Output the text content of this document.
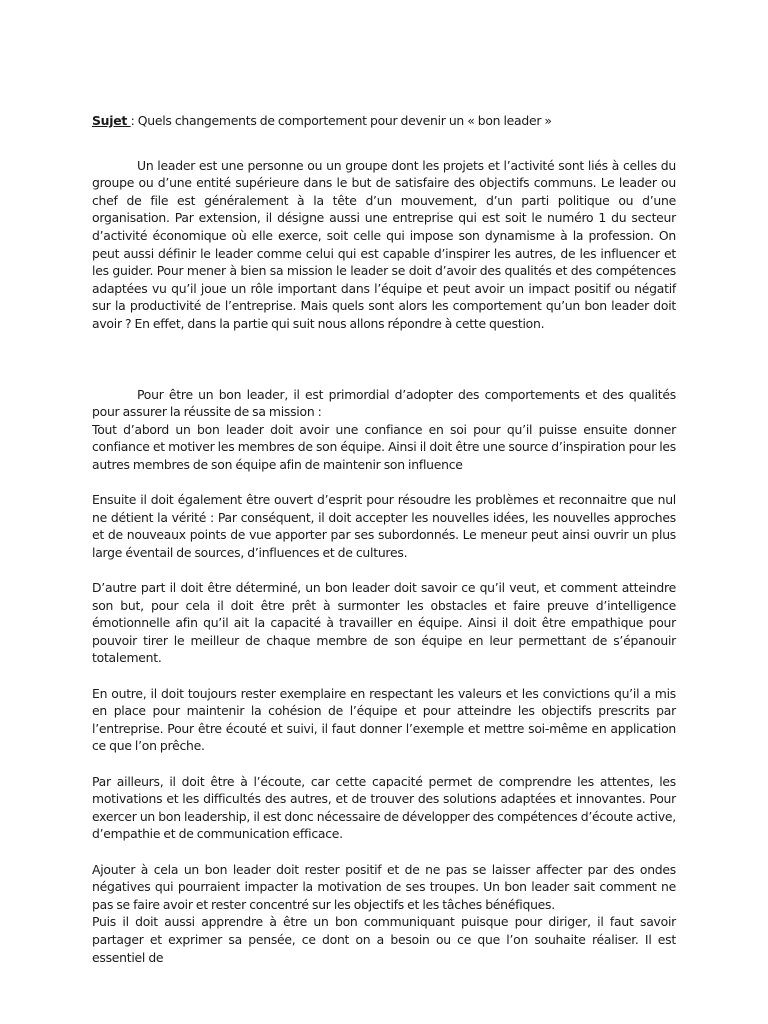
Sujet : Quels changements de comportement pour devenir un « bon leader »

Un leader est une personne ou un groupe dont les projets et l’activité sont liés à celles du groupe ou d’une entité supérieure dans le but de satisfaire des objectifs communs. Le leader ou chef de file est généralement à la tête d’un mouvement, d’un parti politique ou d’une organisation. Par extension, il désigne aussi une entreprise qui est soit le numéro 1 du secteur d’activité économique où elle exerce, soit celle qui impose son dynamisme à la profession. On peut aussi définir le leader comme celui qui est capable d’inspirer les autres, de les influencer et les guider. Pour mener à bien sa mission le leader se doit d’avoir des qualités et des compétences adaptées vu qu’il joue un rôle important dans l’équipe et peut avoir un impact positif ou négatif sur la productivité de l’entreprise. Mais quels sont alors les comportement qu’un bon leader doit avoir ? En effet, dans la partie qui suit nous allons répondre à cette question.

Pour être un bon leader, il est primordial d’adopter des comportements et des qualités pour assurer la réussite de sa mission :

Tout d’abord un bon leader doit avoir une confiance en soi pour qu’il puisse ensuite donner confiance et motiver les membres de son équipe. Ainsi il doit être une source d’inspiration pour les autres membres de son équipe afin de maintenir son influence

Ensuite il doit également être ouvert d’esprit pour résoudre les problèmes et reconnaitre que nul ne détient la vérité : Par conséquent, il doit accepter les nouvelles idées, les nouvelles approches et de nouveaux points de vue apporter par ses subordonnés. Le meneur peut ainsi ouvrir un plus large éventail de sources, d’influences et de cultures.

D’autre part il doit être déterminé, un bon leader doit savoir ce qu’il veut, et comment atteindre son but, pour cela il doit être prêt à surmonter les obstacles et faire preuve d’intelligence émotionnelle afin qu’il ait la capacité à travailler en équipe. Ainsi il doit être empathique pour pouvoir tirer le meilleur de chaque membre de son équipe en leur permettant de s’épanouir totalement.

En outre, il doit toujours rester exemplaire en respectant les valeurs et les convictions qu’il a mis en place pour maintenir la cohésion de l’équipe et pour atteindre les objectifs prescrits par l’entreprise. Pour être écouté et suivi, il faut donner l’exemple et mettre soi-même en application ce que l’on prêche.

Par ailleurs, il doit être à l’écoute, car cette capacité permet de comprendre les attentes, les motivations et les difficultés des autres, et de trouver des solutions adaptées et innovantes. Pour exercer un bon leadership, il est donc nécessaire de développer des compétences d’écoute active, d’empathie et de communication efficace.

Ajouter à cela un bon leader doit rester positif et de ne pas se laisser affecter par des ondes négatives qui pourraient impacter la motivation de ses troupes. Un bon leader sait comment ne pas se faire avoir et rester concentré sur les objectifs et les tâches bénéfiques.

Puis il doit aussi apprendre à être un bon communiquant puisque pour diriger, il faut savoir partager et exprimer sa pensée, ce dont on a besoin ou ce que l’on souhaite réaliser. Il est essentiel de
